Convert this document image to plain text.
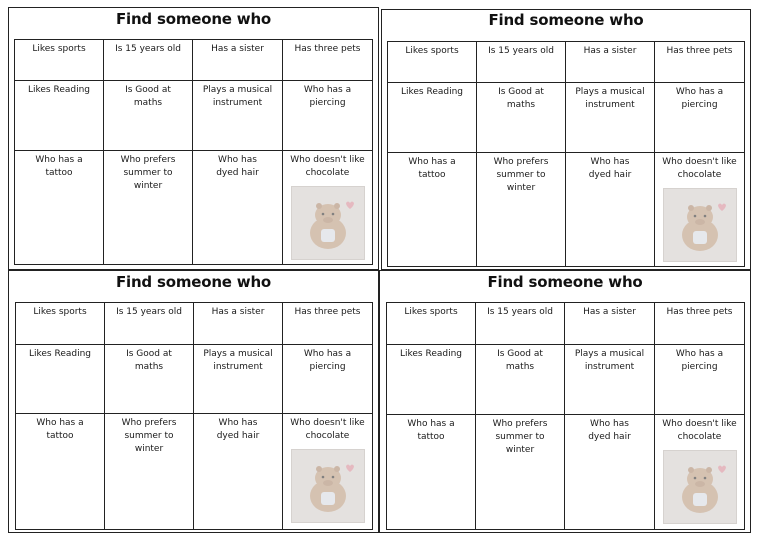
Find someone who
Likes sports	Is 15 years old	Has a sister	Has three pets

Likes Reading	Is Good at maths	Plays a musical instrument	Who has a piercing

Who has a tattoo	Who prefers summer to winter	Who has dyed hair	Who doesn't like chocolate
Find someone who
Likes sports	Is 15 years old	Has a sister	Has three pets

Likes Reading	Is Good at maths	Plays a musical instrument	Who has a piercing

Who has a tattoo	Who prefers summer to winter	Who has dyed hair	Who doesn't like chocolate
Find someone who
Likes sports	Is 15 years old	Has a sister	Has three pets

Likes Reading	Is Good at maths	Plays a musical instrument	Who has a piercing

Who has a tattoo	Who prefers summer to winter	Who has dyed hair	Who doesn't like chocolate
Find someone who
Likes sports	Is 15 years old	Has a sister	Has three pets

Likes Reading	Is Good at maths	Plays a musical instrument	Who has a piercing

Who has a tattoo	Who prefers summer to winter	Who has dyed hair	Who doesn't like chocolate
